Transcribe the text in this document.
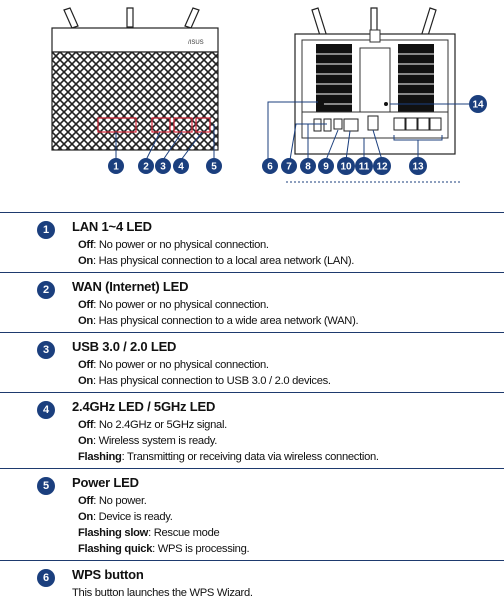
/ISUS
1 2 3 4	5	6 7 8 9 10 11 12 13
14
1	LAN 1~4 LED
Off: No power or no physical connection.
On: Has physical connection to a local area network (LAN).
2	WAN (Internet) LED
Off: No power or no physical connection.
On: Has physical connection to a wide area network (WAN).
3	USB 3.0 / 2.0 LED
Off: No power or no physical connection.
On: Has physical connection to USB 3.0 / 2.0 devices.
4	2.4GHz LED / 5GHz LED
Off: No 2.4GHz or 5GHz signal.
On: Wireless system is ready.
Flashing: Transmitting or receiving data via wireless connection.
5	Power LED
Off: No power.
On: Device is ready.
Flashing slow: Rescue mode
Flashing quick: WPS is processing.
6	WPS button
This button launches the WPS Wizard.
